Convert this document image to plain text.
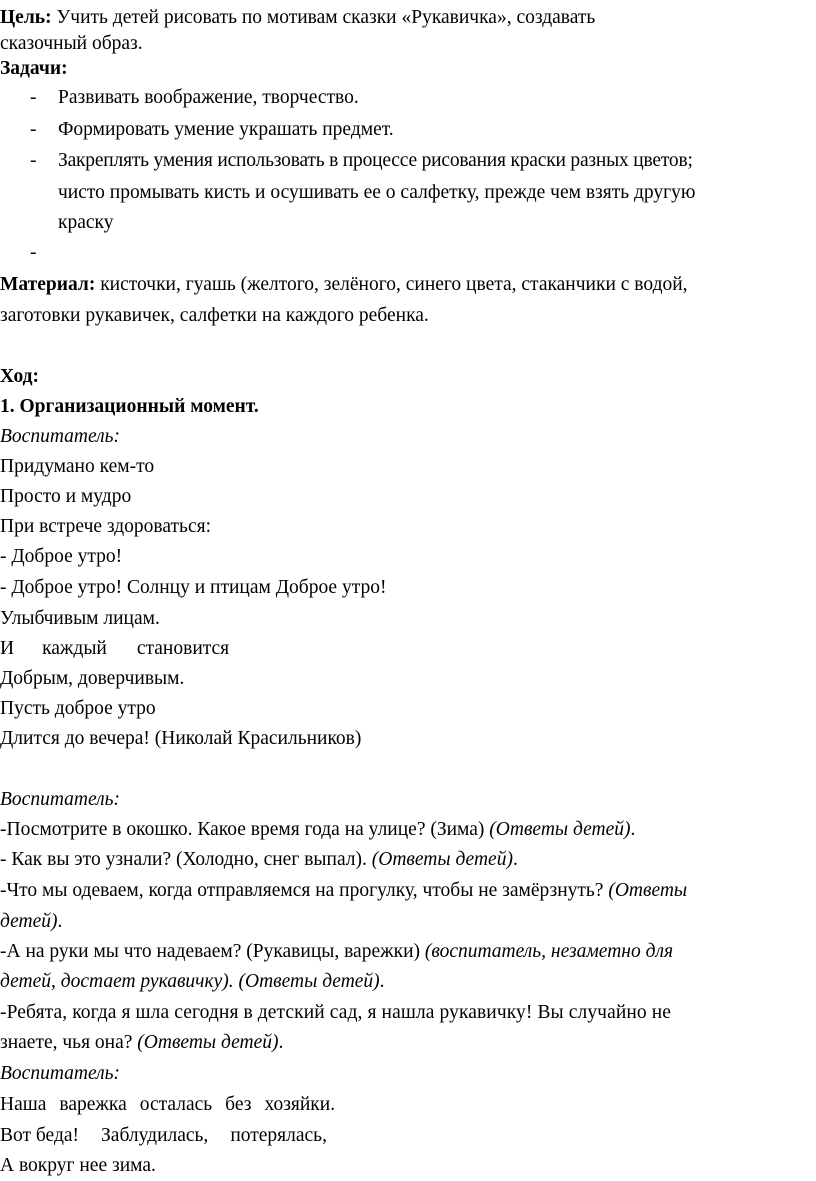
Цель: Учить детей рисовать по мотивам сказки «Рукавичка», создавать
сказочный образ.
Задачи:
- Развивать воображение, творчество.
- Формировать умение украшать предмет.
- Закреплять умения использовать в процессе рисования краски разных цветов;
чисто промывать кисть и осушивать ее о салфетку, прежде чем взять другую
краску
-
Материал: кисточки, гуашь (желтого, зелёного, синего цвета, стаканчики с водой,
заготовки рукавичек, салфетки на каждого ребенка.
Ход:
1. Организационный момент.
Воспитатель:
Придумано кем-то
Просто и мудро
При встрече здороваться:
- Доброе утро!
- Доброе утро! Солнцу и птицам Доброе утро!
Улыбчивым лицам.
И каждый становится
Добрым, доверчивым.
Пусть доброе утро
Длится до вечера! (Николай Красильников)
Воспитатель:
-Посмотрите в окошко. Какое время года на улице? (Зима) (Ответы детей).
- Как вы это узнали? (Холодно, снег выпал). (Ответы детей).
-Что мы одеваем, когда отправляемся на прогулку, чтобы не замёрзнуть? (Ответы
детей).
-А на руки мы что надеваем? (Рукавицы, варежки) (воспитатель, незаметно для
детей, достает рукавичку). (Ответы детей).
-Ребята, когда я шла сегодня в детский сад, я нашла рукавичку! Вы случайно не
знаете, чья она? (Ответы детей).
Воспитатель:
Наша варежка осталась без хозяйки.
Вот беда! Заблудилась, потерялась,
А вокруг нее зима.
